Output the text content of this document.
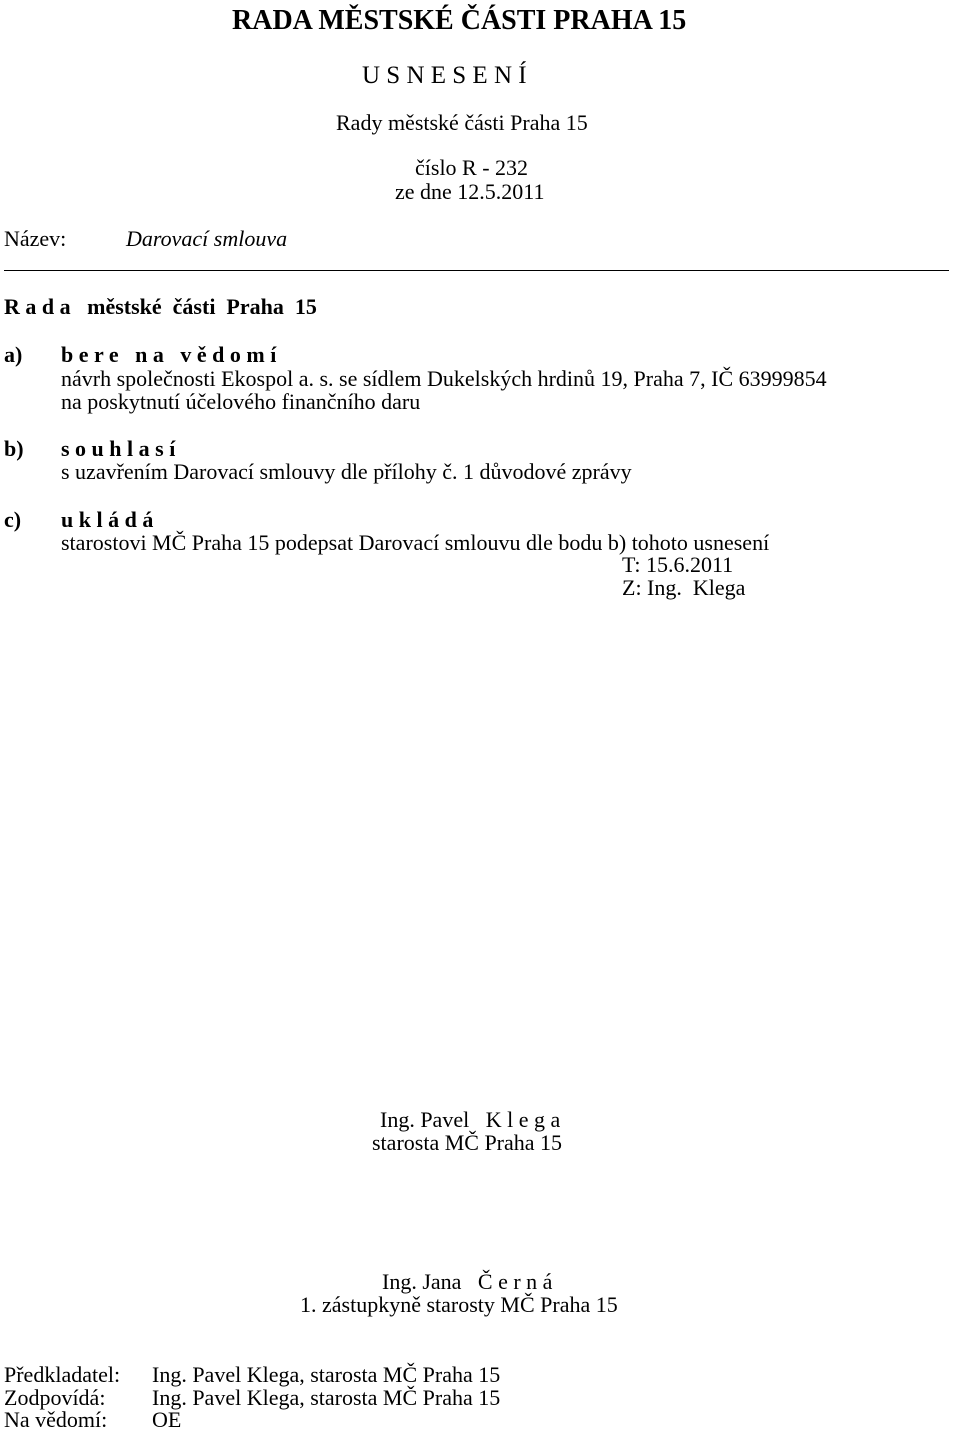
RADA MĚSTSKÉ ČÁSTI PRAHA 15
U S N E S E N Í
Rady městské části Praha 15
číslo R - 232
ze dne 12.5.2011
Název:	Darovací smlouva
R a d a   městské  části  Praha  15
a) b e r e   n a   v ě d o m í
návrh společnosti Ekospol a. s. se sídlem Dukelských hrdinů 19, Praha 7, IČ 63999854
na poskytnutí účelového finančního daru
b) s o u h l a s í
s uzavřením Darovací smlouvy dle přílohy č. 1 důvodové zprávy
c) u k l á d á
starostovi MČ Praha 15 podepsat Darovací smlouvu dle bodu b) tohoto usnesení
T: 15.6.2011
Z: Ing.  Klega
Ing. Pavel   K l e g a
starosta MČ Praha 15
Ing. Jana   Č e r n á
1. zástupkyně starosty MČ Praha 15
Předkladatel: Ing. Pavel Klega, starosta MČ Praha 15
Zodpovídá: Ing. Pavel Klega, starosta MČ Praha 15
Na vědomí: OE
